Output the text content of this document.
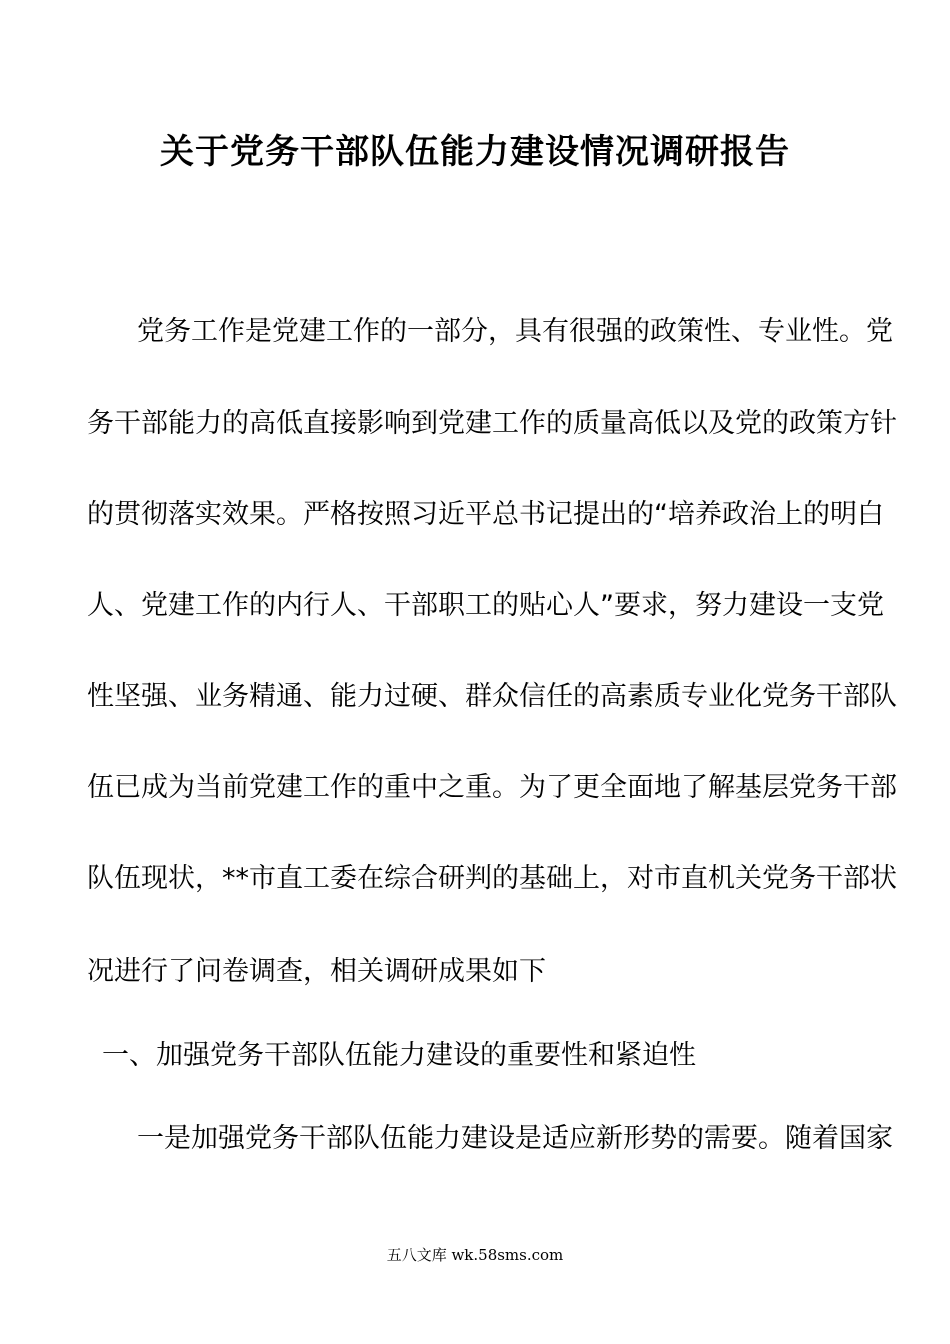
关于党务干部队伍能力建设情况调研报告

党务工作是党建工作的一部分，具有很强的政策性、专业性。党

务干部能力的高低直接影响到党建工作的质量高低以及党的政策方针

的贯彻落实效果。严格按照习近平总书记提出的“培养政治上的明白

人、党建工作的内行人、干部职工的贴心人”要求，努力建设一支党

性坚强、业务精通、能力过硬、群众信任的高素质专业化党务干部队

伍已成为当前党建工作的重中之重。为了更全面地了解基层党务干部

队伍现状，**市直工委在综合研判的基础上，对市直机关党务干部状

况进行了问卷调查，相关调研成果如下

一、加强党务干部队伍能力建设的重要性和紧迫性

一是加强党务干部队伍能力建设是适应新形势的需要。随着国家

五八文库 wk.58sms.com
